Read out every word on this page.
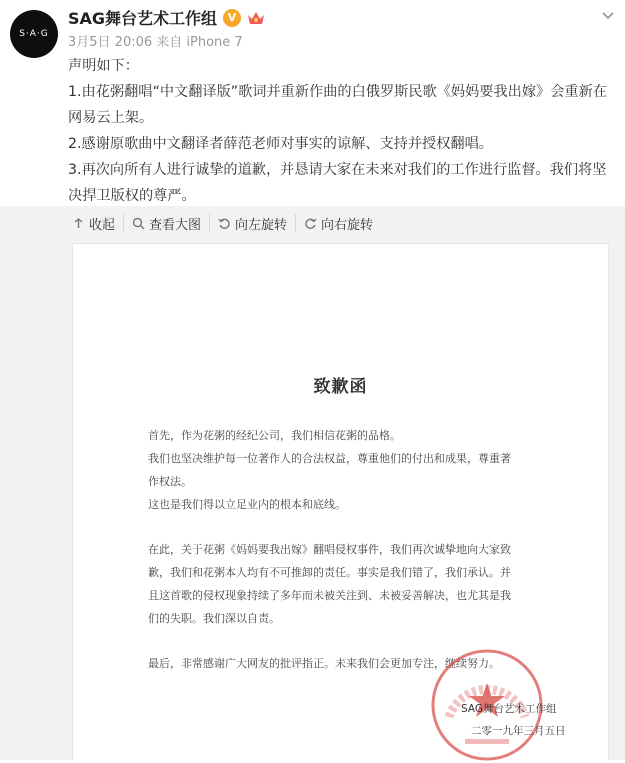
S·A·G
SAG舞台艺术工作组 V
3月5日 20:06 来自 iPhone 7

声明如下：

1.由花粥翻唱“中文翻译版”歌词并重新作曲的白俄罗斯民歌《妈妈要我出嫁》会重新在网易云上架。

2.感谢原歌曲中文翻译者薛范老师对事实的谅解、支持并授权翻唱。

3.再次向所有人进行诚挚的道歉，并恳请大家在未来对我们的工作进行监督。我们将坚决捍卫版权的尊严。

收起	查看大图	向左旋转	向右旋转
致歉函

首先，作为花粥的经纪公司，我们相信花粥的品格。

我们也坚决维护每一位著作人的合法权益，尊重他们的付出和成果，尊重著

作权法。

这也是我们得以立足业内的根本和底线。

在此，关于花粥《妈妈要我出嫁》翻唱侵权事件，我们再次诚挚地向大家致

歉，我们和花粥本人均有不可推卸的责任。事实是我们错了，我们承认。并

且这首歌的侵权现象持续了多年而未被关注到、未被妥善解决，也尤其是我

们的失职。我们深以自责。

最后，非常感谢广大网友的批评指正。未来我们会更加专注，继续努力。

SAG舞台艺术工作组
二零一九年三月五日
